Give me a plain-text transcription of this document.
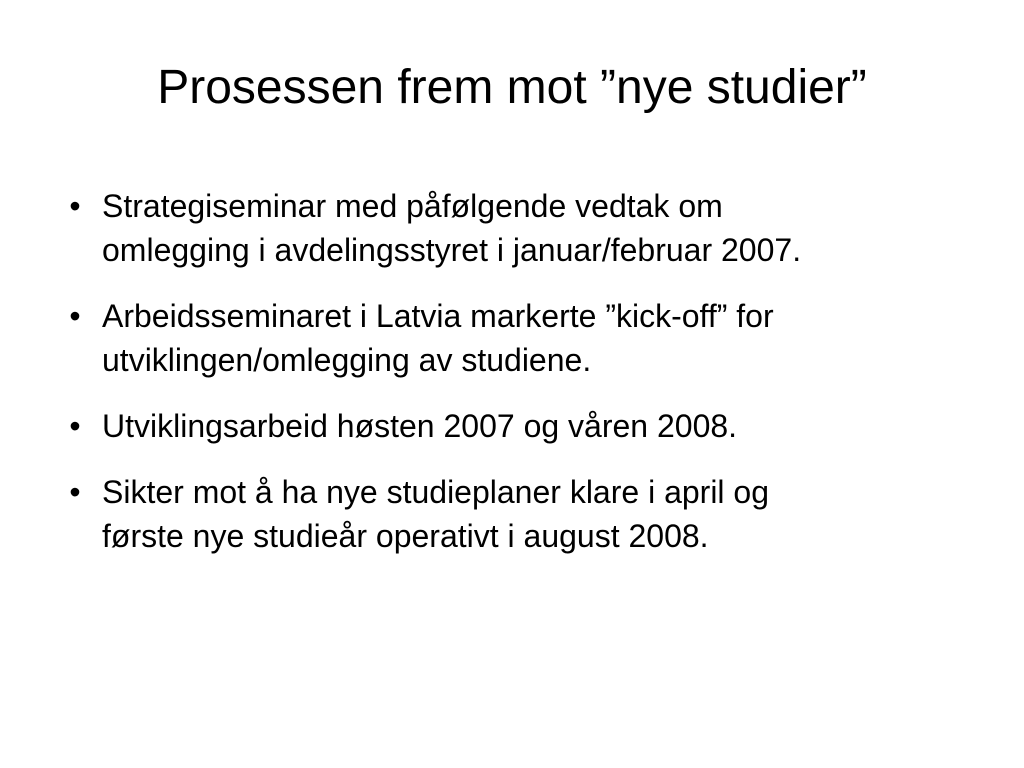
Prosessen frem mot ”nye studier”
• Strategiseminar med påfølgende vedtak om
omlegging i avdelingsstyret i januar/februar 2007.
• Arbeidsseminaret i Latvia markerte ”kick-off” for
utviklingen/omlegging av studiene.
• Utviklingsarbeid høsten 2007 og våren 2008.
• Sikter mot å ha nye studieplaner klare i april og
første nye studieår operativt i august 2008.
